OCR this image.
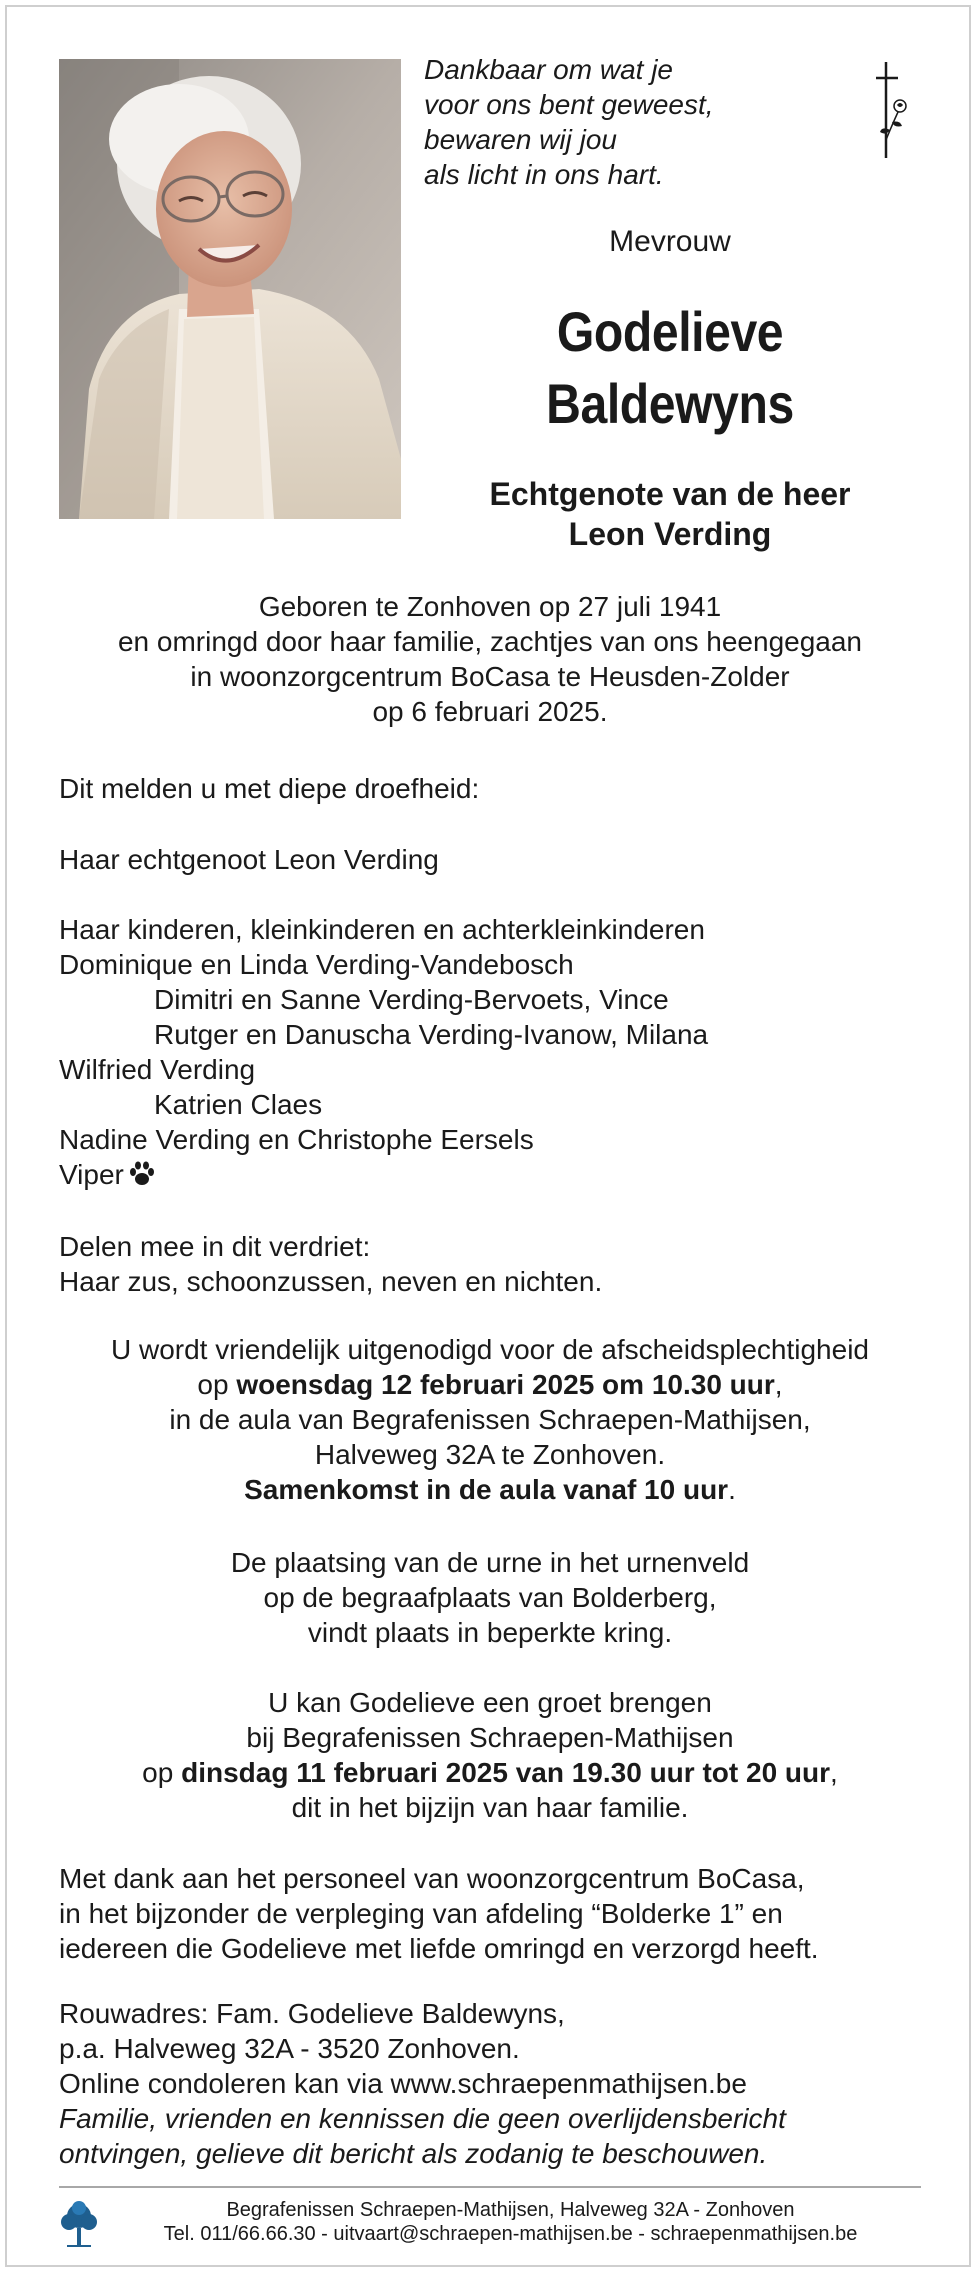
Dankbaar om wat je
voor ons bent geweest,
bewaren wij jou
als licht in ons hart.
Mevrouw
Godelieve
Baldewyns
Echtgenote van de heer
Leon Verding
Geboren te Zonhoven op 27 juli 1941
en omringd door haar familie, zachtjes van ons heengegaan
in woonzorgcentrum BoCasa te Heusden-Zolder
op 6 februari 2025.
Dit melden u met diepe droefheid:
Haar echtgenoot Leon Verding
Haar kinderen, kleinkinderen en achterkleinkinderen
Dominique en Linda Verding-Vandebosch
Dimitri en Sanne Verding-Bervoets, Vince
Rutger en Danuscha Verding-Ivanow, Milana
Wilfried Verding
Katrien Claes
Nadine Verding en Christophe Eersels
Viper
Delen mee in dit verdriet:
Haar zus, schoonzussen, neven en nichten.
U wordt vriendelijk uitgenodigd voor de afscheidsplechtigheid
op woensdag 12 februari 2025 om 10.30 uur,
in de aula van Begrafenissen Schraepen-Mathijsen,
Halveweg 32A te Zonhoven.
Samenkomst in de aula vanaf 10 uur.
De plaatsing van de urne in het urnenveld
op de begraafplaats van Bolderberg,
vindt plaats in beperkte kring.
U kan Godelieve een groet brengen
bij Begrafenissen Schraepen-Mathijsen
op dinsdag 11 februari 2025 van 19.30 uur tot 20 uur,
dit in het bijzijn van haar familie.
Met dank aan het personeel van woonzorgcentrum BoCasa,
in het bijzonder de verpleging van afdeling “Bolderke 1” en
iedereen die Godelieve met liefde omringd en verzorgd heeft.
Rouwadres: Fam. Godelieve Baldewyns,
p.a. Halveweg 32A - 3520 Zonhoven.
Online condoleren kan via www.schraepenmathijsen.be
Familie, vrienden en kennissen die geen overlijdensbericht
ontvingen, gelieve dit bericht als zodanig te beschouwen.
Begrafenissen Schraepen-Mathijsen, Halveweg 32A - Zonhoven
Tel. 011/66.66.30 - uitvaart@schraepen-mathijsen.be - schraepenmathijsen.be
